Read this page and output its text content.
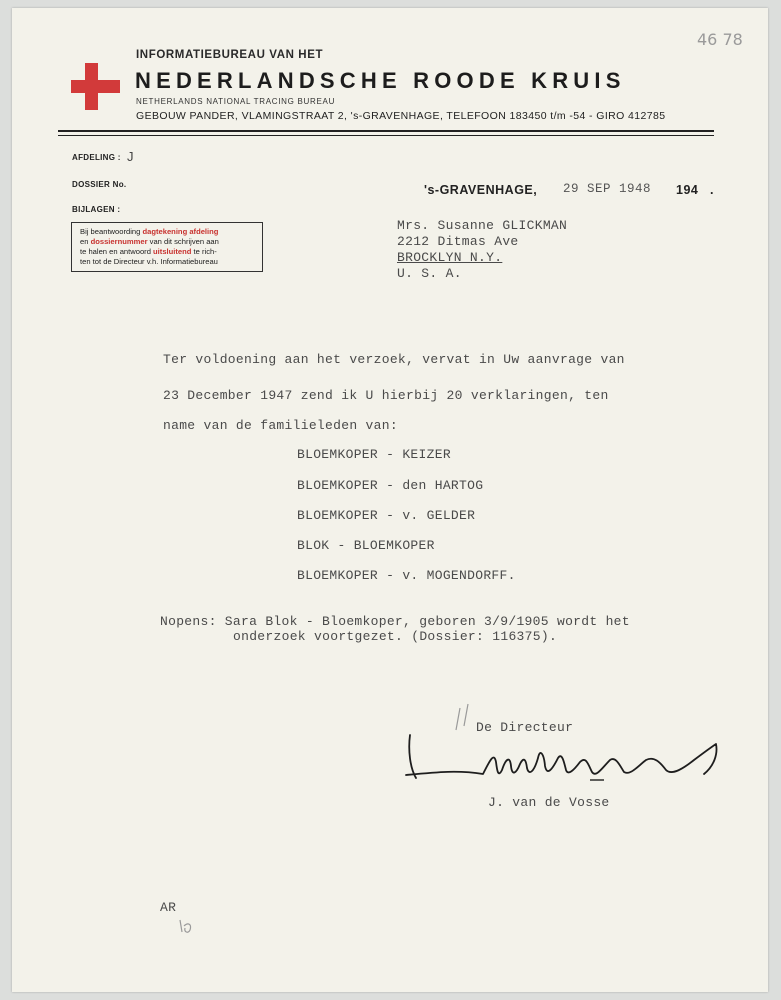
INFORMATIEBUREAU VAN HET
NEDERLANDSCHE ROODE KRUIS
NETHERLANDS NATIONAL TRACING BUREAU
GEBOUW PANDER, VLAMINGSTRAAT 2, 's-GRAVENHAGE, TELEFOON 183450 t/m -54 - GIRO 412785
46 78
AFDELING : J
DOSSIER No.
BIJLAGEN :
Bij beantwoording dagtekening afdeling
en dossiernummer van dit schrijven aan
te halen en antwoord uitsluitend te rich-
ten tot de Directeur v.h. Informatiebureau
's-GRAVENHAGE, 29 SEP 1948 194 .
Mrs. Susanne GLICKMAN
2212 Ditmas Ave
BROCKLYN N.Y.
U. S. A.
Ter voldoening aan het verzoek, vervat in Uw aanvrage van
23 December 1947 zend ik U hierbij 20 verklaringen, ten
name van de familieleden van:
BLOEMKOPER - KEIZER
BLOEMKOPER - den HARTOG
BLOEMKOPER - v. GELDER
BLOK - BLOEMKOPER
BLOEMKOPER - v. MOGENDORFF.
Nopens: Sara Blok - Bloemkoper, geboren 3/9/1905 wordt het
onderzoek voortgezet. (Dossier: 116375).
De Directeur
J. van de Vosse
AR
